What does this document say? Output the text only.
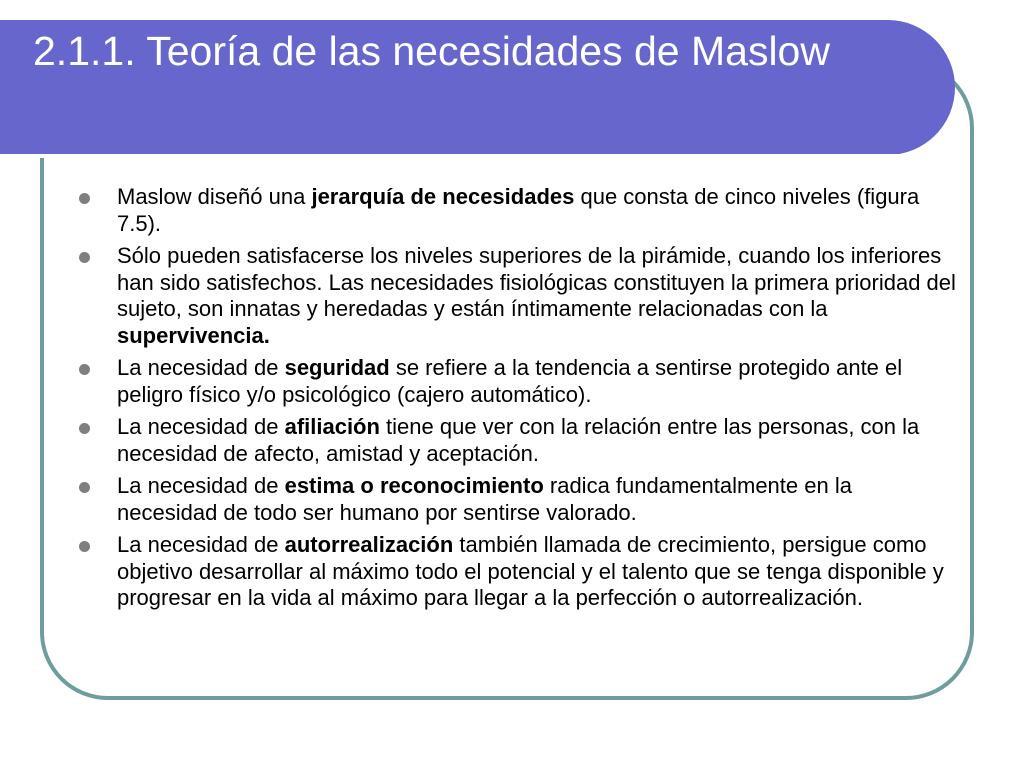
2.1.1. Teoría de las necesidades de Maslow
Maslow diseñó una jerarquía de necesidades que consta de cinco niveles (figura 7.5).
Sólo pueden satisfacerse los niveles superiores de la pirámide, cuando los inferiores han sido satisfechos. Las necesidades fisiológicas constituyen la primera prioridad del sujeto, son innatas y heredadas y están íntimamente relacionadas con la supervivencia.
La necesidad de seguridad se refiere a la tendencia a sentirse protegido ante el peligro físico y/o psicológico (cajero automático).
La necesidad de afiliación tiene que ver con la relación entre las personas, con la necesidad de afecto, amistad y aceptación.
La necesidad de estima o reconocimiento radica fundamentalmente en la necesidad de todo ser humano por sentirse valorado.
La necesidad de autorrealización también llamada de crecimiento, persigue como objetivo desarrollar al máximo todo el potencial y el talento que se tenga disponible y progresar en la vida al máximo para llegar a la perfección o autorrealización.
